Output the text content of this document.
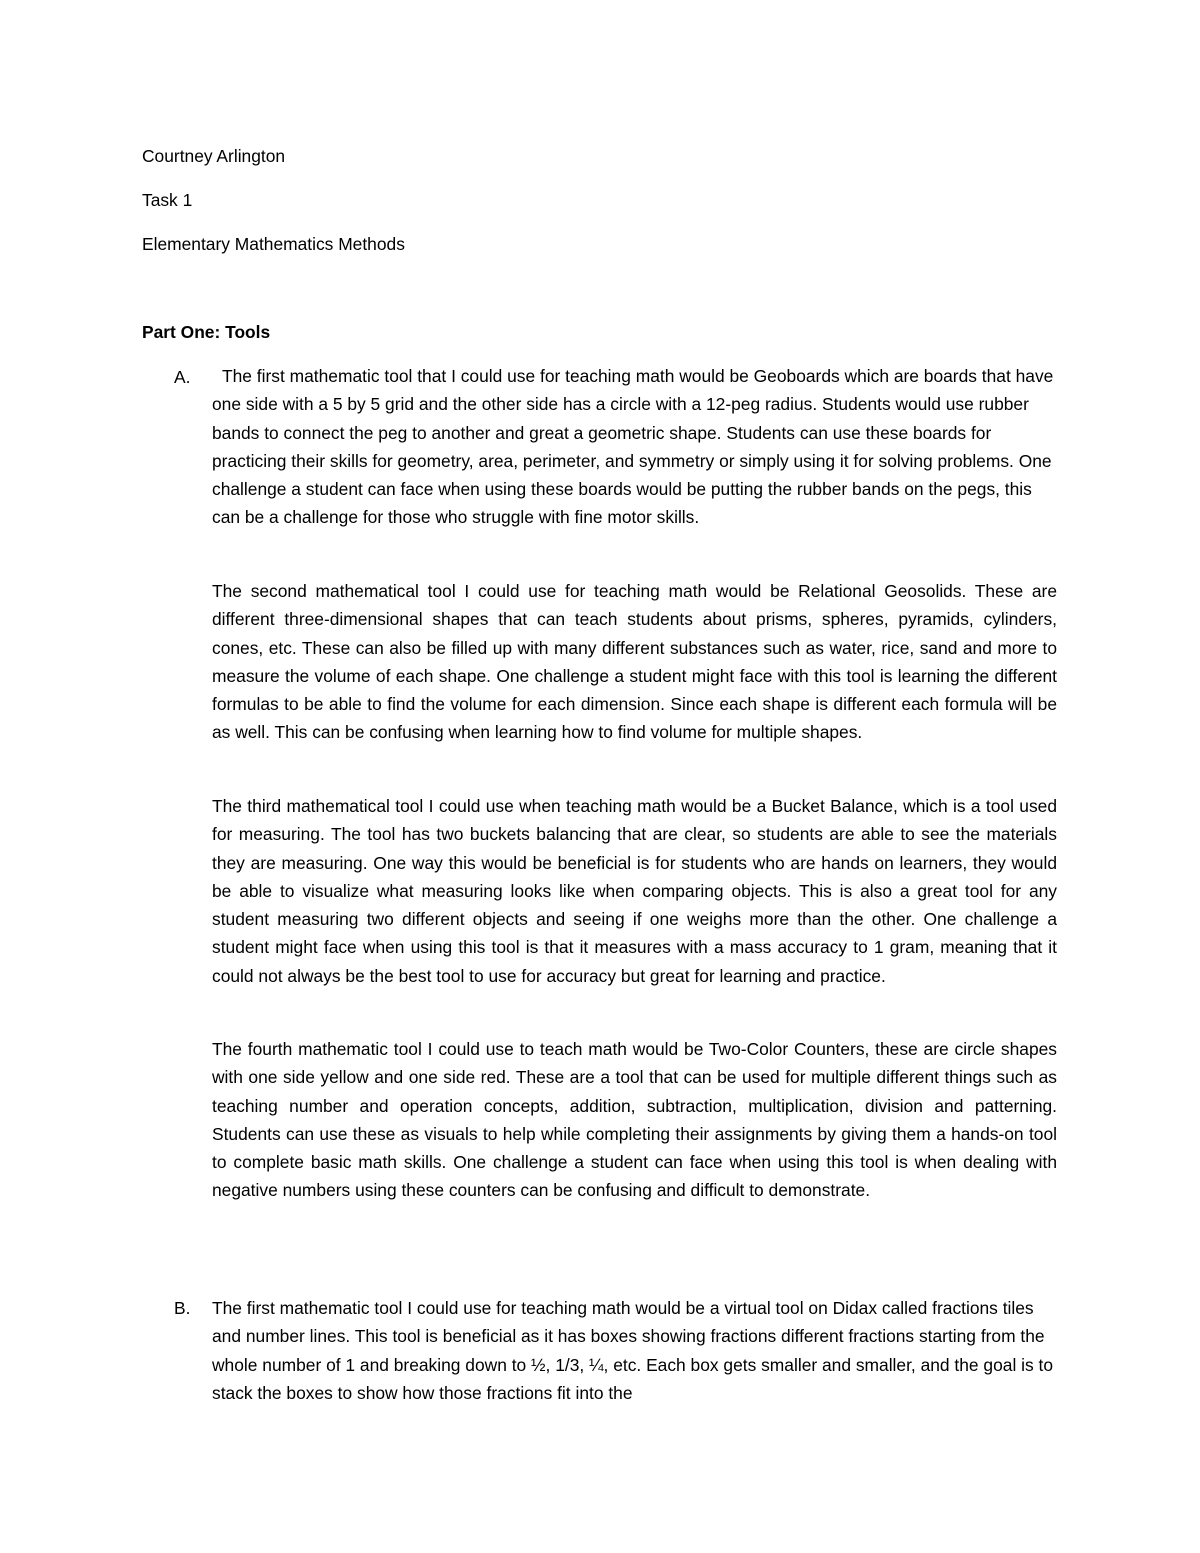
Courtney Arlington
Task 1
Elementary Mathematics Methods
Part One: Tools
A.	The first mathematic tool that I could use for teaching math would be Geoboards which are boards that have one side with a 5 by 5 grid and the other side has a circle with a 12-peg radius. Students would use rubber bands to connect the peg to another and great a geometric shape. Students can use these boards for practicing their skills for geometry, area, perimeter, and symmetry or simply using it for solving problems. One challenge a student can face when using these boards would be putting the rubber bands on the pegs, this can be a challenge for those who struggle with fine motor skills.

The second mathematical tool I could use for teaching math would be Relational Geosolids. These are different three-dimensional shapes that can teach students about prisms, spheres, pyramids, cylinders, cones, etc. These can also be filled up with many different substances such as water, rice, sand and more to measure the volume of each shape. One challenge a student might face with this tool is learning the different formulas to be able to find the volume for each dimension. Since each shape is different each formula will be as well. This can be confusing when learning how to find volume for multiple shapes.

The third mathematical tool I could use when teaching math would be a Bucket Balance, which is a tool used for measuring. The tool has two buckets balancing that are clear, so students are able to see the materials they are measuring. One way this would be beneficial is for students who are hands on learners, they would be able to visualize what measuring looks like when comparing objects. This is also a great tool for any student measuring two different objects and seeing if one weighs more than the other. One challenge a student might face when using this tool is that it measures with a mass accuracy to 1 gram, meaning that it could not always be the best tool to use for accuracy but great for learning and practice.

The fourth mathematic tool I could use to teach math would be Two-Color Counters, these are circle shapes with one side yellow and one side red. These are a tool that can be used for multiple different things such as teaching number and operation concepts, addition, subtraction, multiplication, division and patterning. Students can use these as visuals to help while completing their assignments by giving them a hands-on tool to complete basic math skills. One challenge a student can face when using this tool is when dealing with negative numbers using these counters can be confusing and difficult to demonstrate.

B. The first mathematic tool I could use for teaching math would be a virtual tool on Didax called fractions tiles and number lines. This tool is beneficial as it has boxes showing fractions different fractions starting from the whole number of 1 and breaking down to ½, 1/3, ¼, etc. Each box gets smaller and smaller, and the goal is to stack the boxes to show how those fractions fit into the
